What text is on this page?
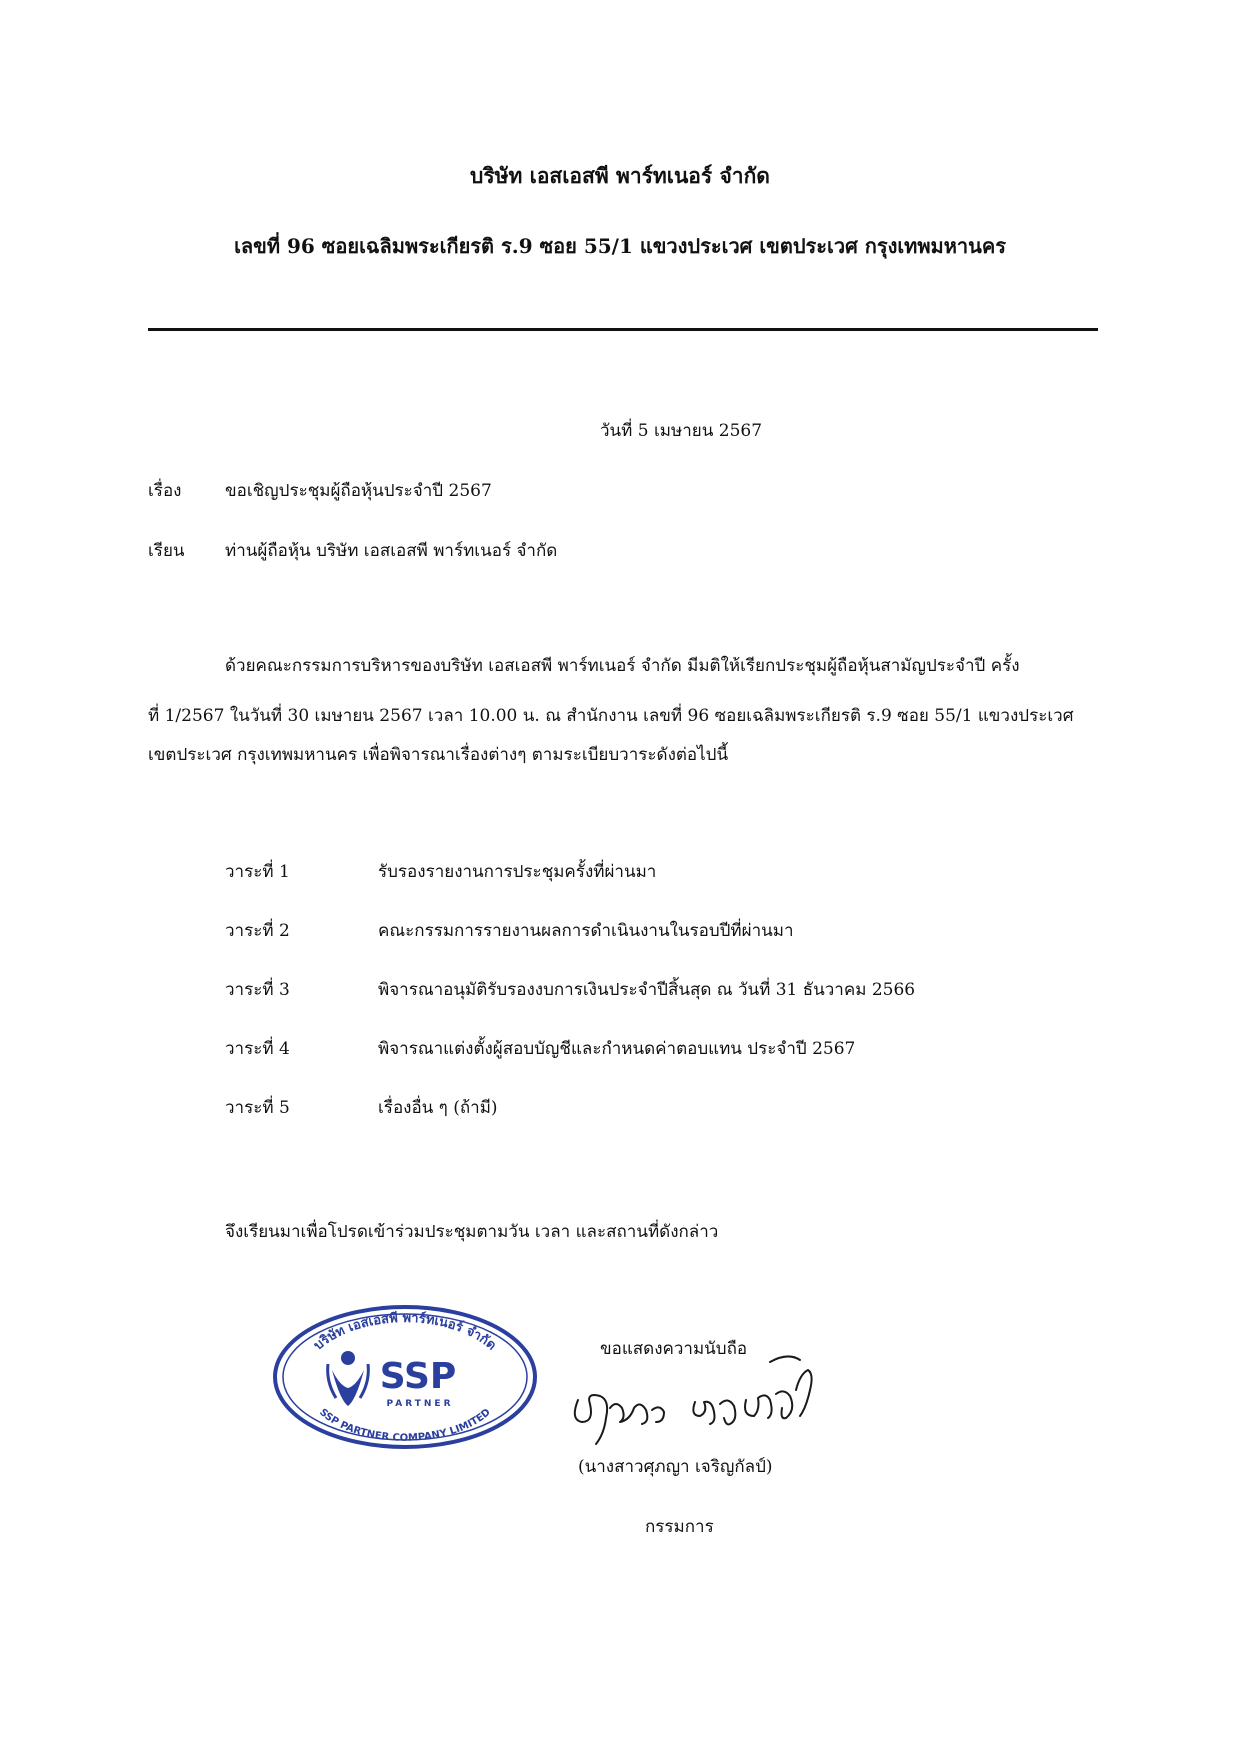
บริษัท เอสเอสพี พาร์ทเนอร์ จำกัด
เลขที่ 96 ซอยเฉลิมพระเกียรติ ร.9 ซอย 55/1 แขวงประเวศ เขตประเวศ กรุงเทพมหานคร
วันที่ 5 เมษายน 2567
เรื่อง	ขอเชิญประชุมผู้ถือหุ้นประจำปี 2567
เรียน ท่านผู้ถือหุ้น บริษัท เอสเอสพี พาร์ทเนอร์ จำกัด
ด้วยคณะกรรมการบริหารของบริษัท เอสเอสพี พาร์ทเนอร์ จำกัด มีมติให้เรียกประชุมผู้ถือหุ้นสามัญประจำปี ครั้ง
ที่ 1/2567 ในวันที่ 30 เมษายน 2567 เวลา 10.00 น. ณ สำนักงาน เลขที่ 96 ซอยเฉลิมพระเกียรติ ร.9 ซอย 55/1 แขวงประเวศ
เขตประเวศ กรุงเทพมหานคร เพื่อพิจารณาเรื่องต่างๆ ตามระเบียบวาระดังต่อไปนี้
วาระที่ 1	รับรองรายงานการประชุมครั้งที่ผ่านมา
วาระที่ 2	คณะกรรมการรายงานผลการดำเนินงานในรอบปีที่ผ่านมา
วาระที่ 3	พิจารณาอนุมัติรับรองงบการเงินประจำปีสิ้นสุด ณ วันที่ 31 ธันวาคม 2566
วาระที่ 4	พิจารณาแต่งตั้งผู้สอบบัญชีและกำหนดค่าตอบแทน ประจำปี 2567
วาระที่ 5	เรื่องอื่น ๆ (ถ้ามี)
จึงเรียนมาเพื่อโปรดเข้าร่วมประชุมตามวัน เวลา และสถานที่ดังกล่าว
บริษัท เอสเอสพี พาร์ทเนอร์ จำกัด
SSP PARTNER COMPANY LIMITED
SSP
PARTNER
ขอแสดงความนับถือ
(นางสาวศุภญา เจริญกัลป์)
กรรมการ
